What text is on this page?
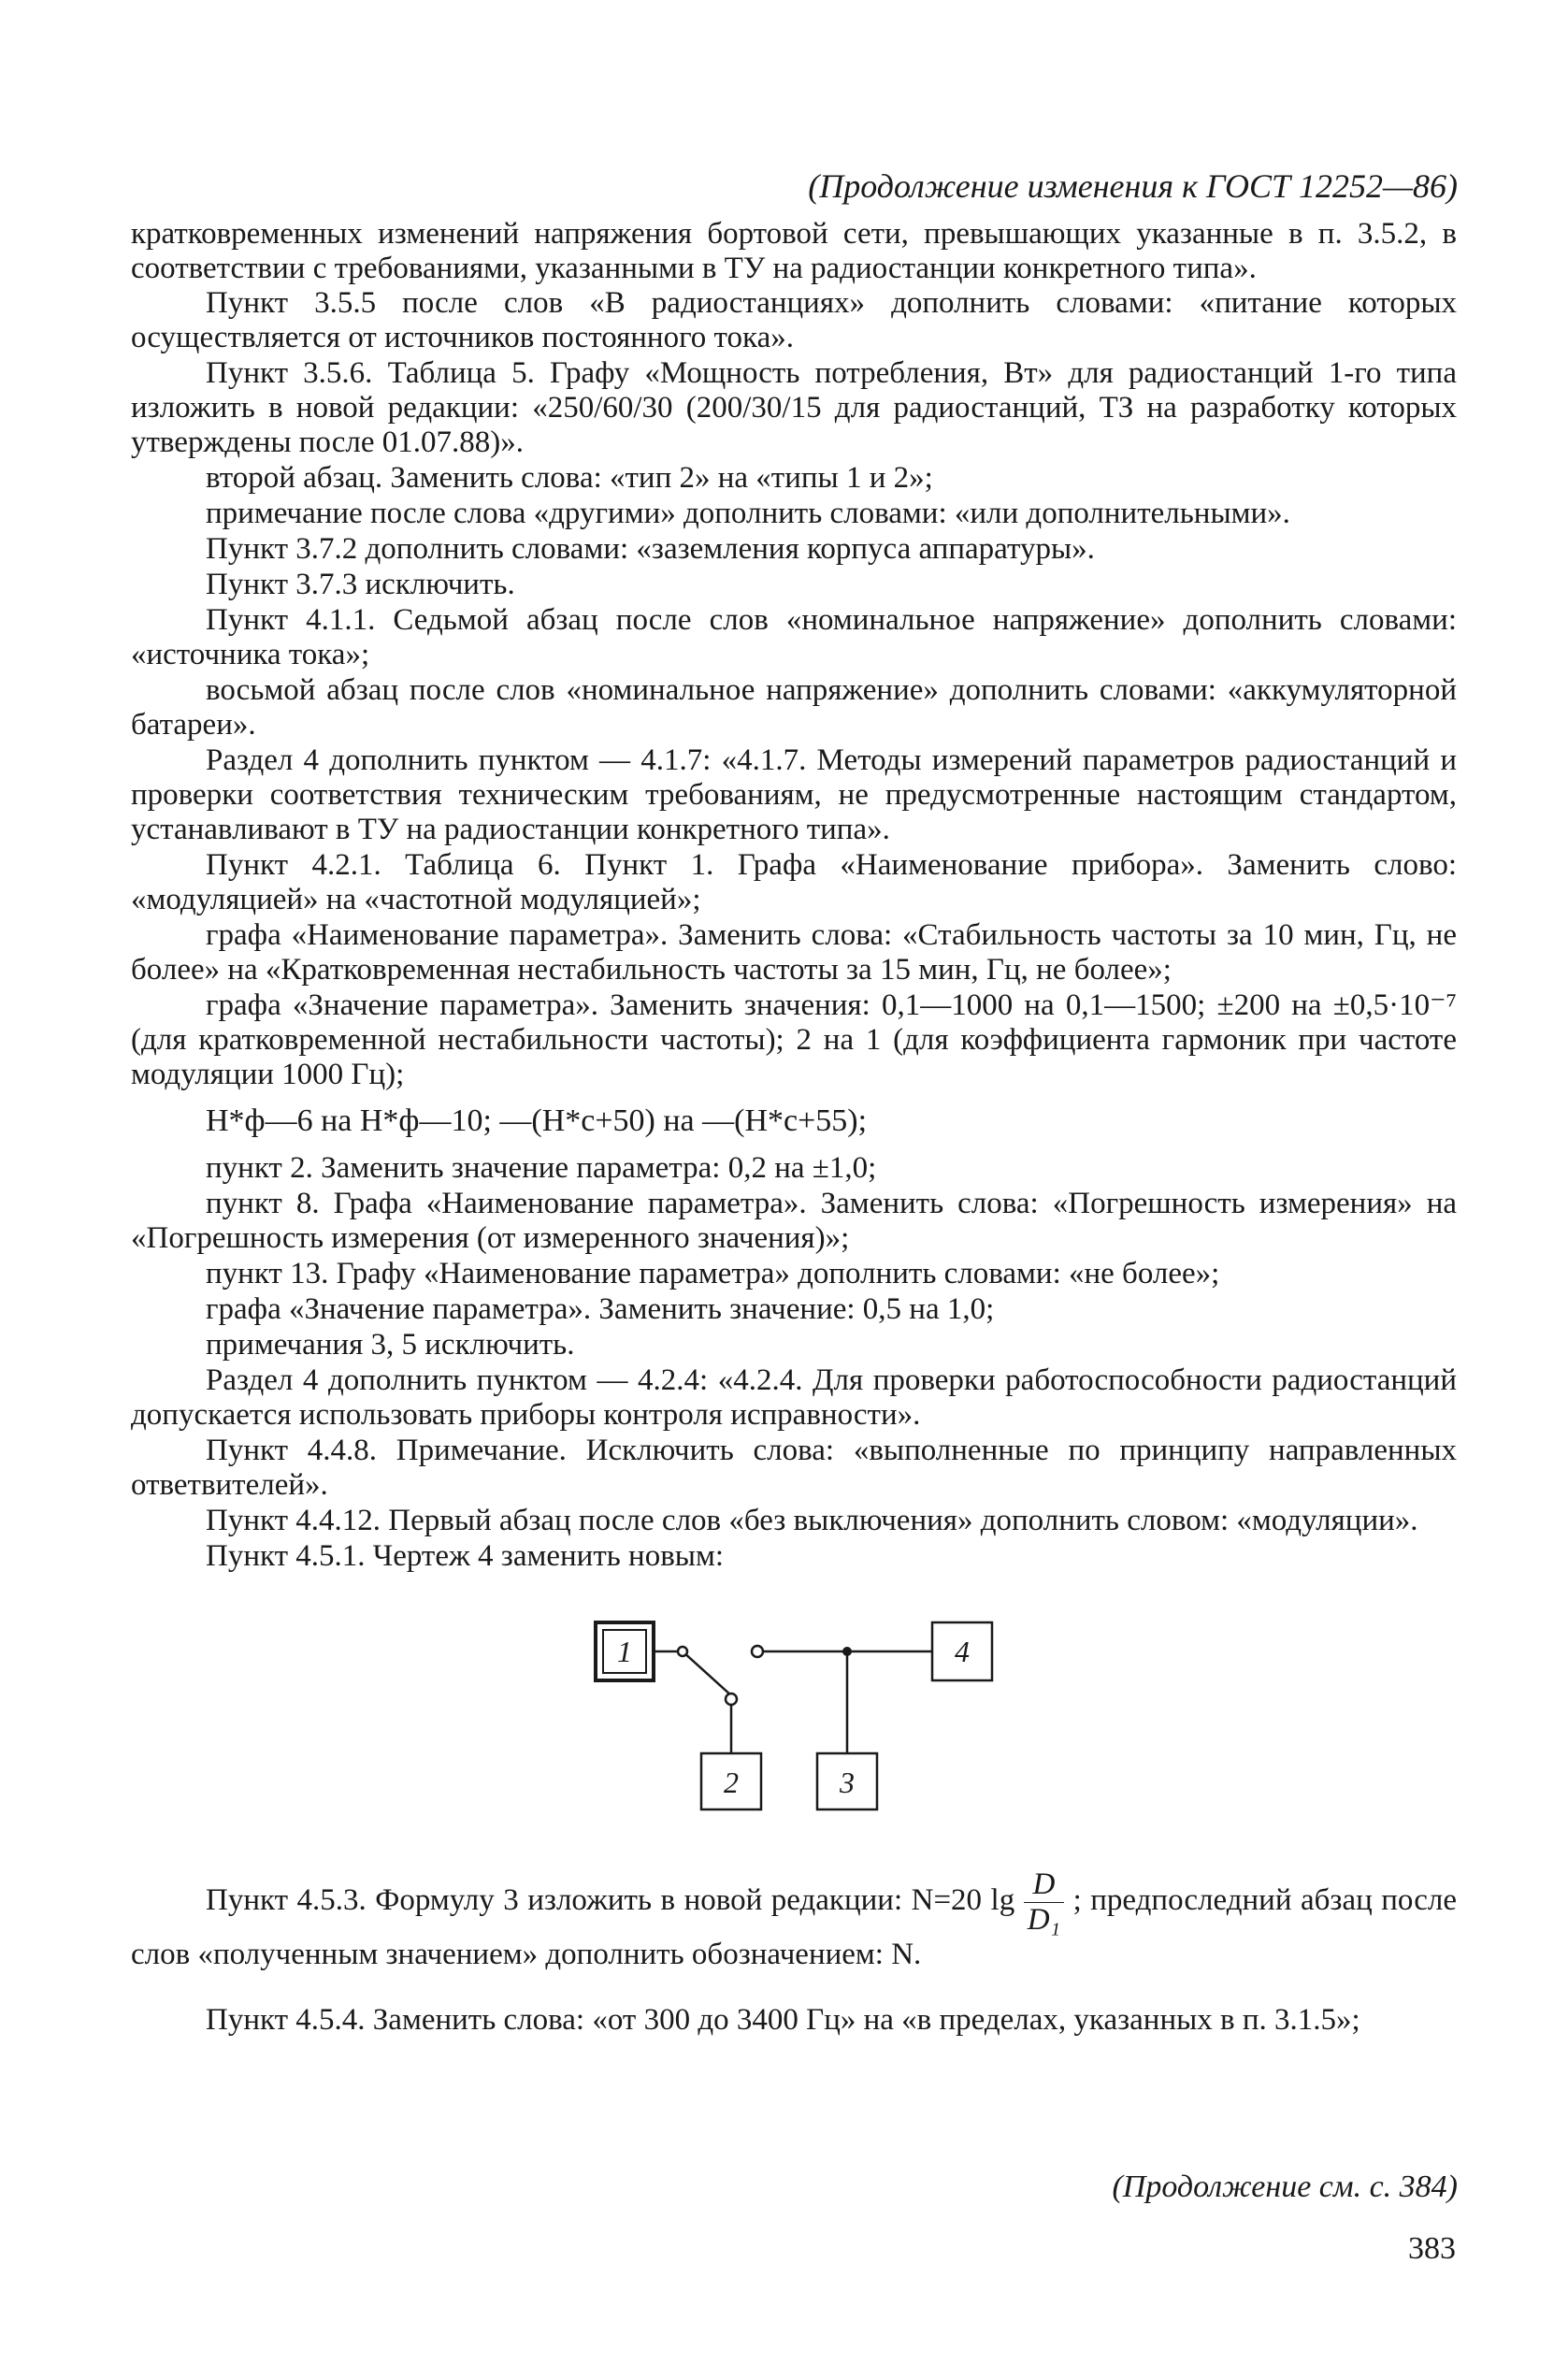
(Продолжение изменения к ГОСТ 12252—86)

кратковременных изменений напряжения бортовой сети, превышающих указанные в п. 3.5.2, в соответствии с требованиями, указанными в ТУ на радиостанции конкретного типа».

Пункт 3.5.5 после слов «В радиостанциях» дополнить словами: «питание которых осуществляется от источников постоянного тока».

Пункт 3.5.6. Таблица 5. Графу «Мощность потребления, Вт» для радиостанций 1-го типа изложить в новой редакции: «250/60/30 (200/30/15 для радиостанций, ТЗ на разработку которых утверждены после 01.07.88)».

второй абзац. Заменить слова: «тип 2» на «типы 1 и 2»;

примечание после слова «другими» дополнить словами: «или дополнительными».

Пункт 3.7.2 дополнить словами: «заземления корпуса аппаратуры».

Пункт 3.7.3 исключить.

Пункт 4.1.1. Седьмой абзац после слов «номинальное напряжение» дополнить словами: «источника тока»;

восьмой абзац после слов «номинальное напряжение» дополнить словами: «аккумуляторной батареи».

Раздел 4 дополнить пунктом — 4.1.7: «4.1.7. Методы измерений параметров радиостанций и проверки соответствия техническим требованиям, не предусмотренные настоящим стандартом, устанавливают в ТУ на радиостанции конкретного типа».

Пункт 4.2.1. Таблица 6. Пункт 1. Графа «Наименование прибора». Заменить слово: «модуляцией» на «частотной модуляцией»;

графа «Наименование параметра». Заменить слова: «Стабильность частоты за 10 мин, Гц, не более» на «Кратковременная нестабильность частоты за 15 мин, Гц, не более»;

графа «Значение параметра». Заменить значения: 0,1—1000 на 0,1—1500; ±200 на ±0,5·10⁻⁷ (для кратковременной нестабильности частоты); 2 на 1 (для коэффициента гармоник при частоте модуляции 1000 Гц);

H*ф—6 на H*ф—10; —(H*c+50) на —(H*c+55);

пункт 2. Заменить значение параметра: 0,2 на ±1,0;

пункт 8. Графа «Наименование параметра». Заменить слова: «Погрешность измерения» на «Погрешность измерения (от измеренного значения)»;

пункт 13. Графу «Наименование параметра» дополнить словами: «не более»;

графа «Значение параметра». Заменить значение: 0,5 на 1,0;

примечания 3, 5 исключить.

Раздел 4 дополнить пунктом — 4.2.4: «4.2.4. Для проверки работоспособности радиостанций допускается использовать приборы контроля исправности».

Пункт 4.4.8. Примечание. Исключить слова: «выполненные по принципу направленных ответвителей».

Пункт 4.4.12. Первый абзац после слов «без выключения» дополнить словом: «модуляции».

Пункт 4.5.1. Чертеж 4 заменить новым:

1
2	3
4

Пункт 4.5.3. Формулу 3 изложить в новой редакции: N=20 $\lg \frac{D}{\text{D₁}}$ ; предпоследний абзац после слов «полученным значением» дополнить обозначением: N.

Пункт 4.5.4. Заменить слова: «от 300 до 3400 Гц» на «в пределах, указанных в п. 3.1.5»;

(Продолжение см. с. 384)
383
